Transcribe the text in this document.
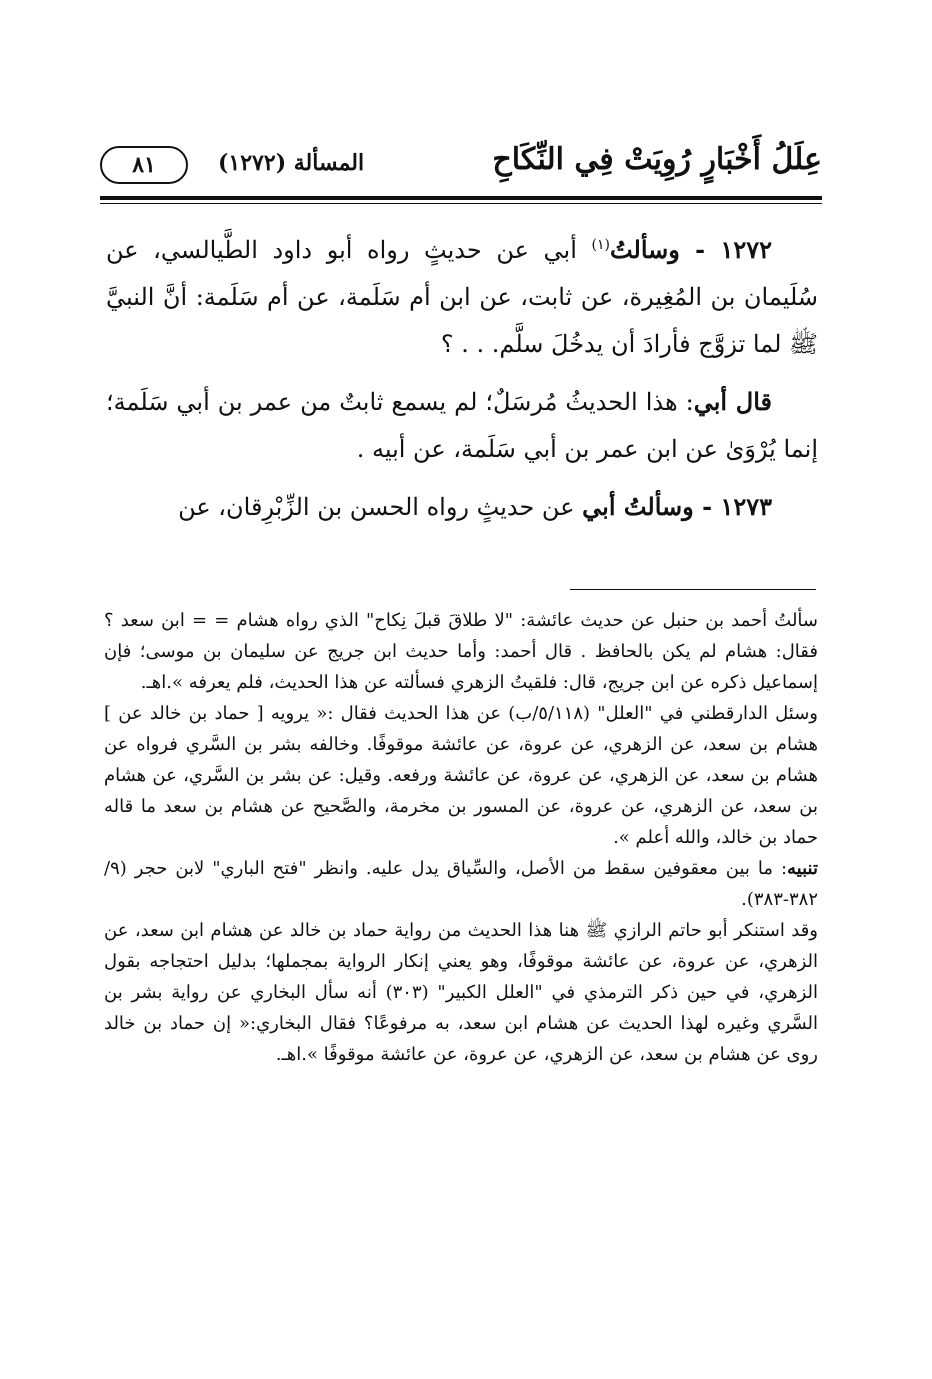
عِلَلُ أَخْبَارٍ رُوِيَتْ فِي النِّكَاحِ
المسألة (١٢٧٢)
٨١

١٢٧٢ - وسألتُ$^{(١)}$ أبي عن حديثٍ رواه أبو داود الطَّيالسي، عن سُلَيمان بن المُغِيرة، عن ثابت، عن ابن أم سَلَمة، عن أم سَلَمة: أنَّ النبيَّ ﷺ لما تزوَّج فأرادَ أن يدخُلَ سلَّم. . . ؟

قال أبي: هذا الحديثُ مُرسَلٌ؛ لم يسمع ثابتٌ من عمر بن أبي سَلَمة؛ إنما يُرْوَىٰ عن ابن عمر بن أبي سَلَمة، عن أبيه .

١٢٧٣ - وسألتُ أبي عن حديثٍ رواه الحسن بن الزِّبْرِقان، عن

سألتُ أحمد بن حنبل عن حديث عائشة: "لا طلاقَ قبلَ نِكاح" الذي رواه هشام = = ابن سعد ؟ فقال: هشام لم يكن بالحافظ . قال أحمد: وأما حديث ابن جريج عن سليمان بن موسى؛ فإن إسماعيل ذكره عن ابن جريج، قال: فلقيتُ الزهري فسألته عن هذا الحديث، فلم يعرفه ».اهـ.

وسئل الدارقطني في "العلل" (٥/١١٨/ب) عن هذا الحديث فقال :« يرويه [ حماد بن خالد عن ] هشام بن سعد، عن الزهري، عن عروة، عن عائشة موقوفًا. وخالفه بشر بن السَّري فرواه عن هشام بن سعد، عن الزهري، عن عروة، عن عائشة ورفعه. وقيل: عن بشر بن السَّري، عن هشام بن سعد، عن الزهري، عن عروة، عن المسور بن مخرمة، والصَّحيح عن هشام بن سعد ما قاله حماد بن خالد، والله أعلم ».

تنبيه: ما بين معقوفين سقط من الأصل، والسِّياق يدل عليه. وانظر "فتح الباري" لابن حجر (٩/ ٣٨٢-٣٨٣).

وقد استنكر أبو حاتم الرازي ﷺ هنا هذا الحديث من رواية حماد بن خالد عن هشام ابن سعد، عن الزهري، عن عروة، عن عائشة موقوفًا، وهو يعني إنكار الرواية بمجملها؛ بدليل احتجاجه بقول الزهري، في حين ذكر الترمذي في "العلل الكبير" (٣٠٣) أنه سأل البخاري عن رواية بشر بن السَّري وغيره لهذا الحديث عن هشام ابن سعد، به مرفوعًا؟ فقال البخاري:« إن حماد بن خالد روى عن هشام بن سعد، عن الزهري، عن عروة، عن عائشة موقوفًا ».اهـ.
